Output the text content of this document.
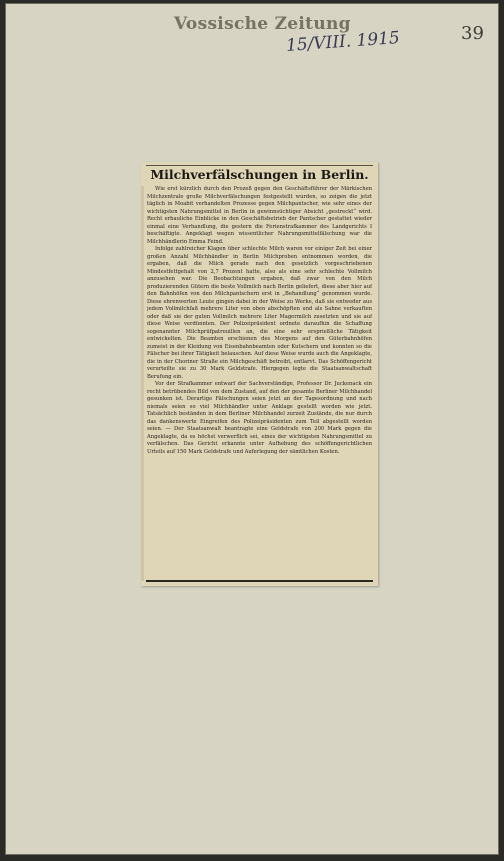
Vossische Zeitung
15/VIII. 1915	39
Milchverfälschungen in Berlin.

Wie erst kürzlich durch den Prozeß gegen den Geschäftsführer der Märkischen Milchzentrale große Milchverfälschungen festgestellt wurden, so zeigen die jetzt täglich in Moabit verhandelten Prozesse gegen Milchpantscher, wie sehr eines der wichtigsten Nahrungsmittel in Berlin in gewinnsüchtiger Absicht „gestreckt“ wird. Recht erbauliche Einblicke in den Geschäftsbetrieb der Pantscher gestattet wieder einmal eine Verhandlung, die gestern die Ferienstrafkammer des Landgerichts I beschäftigte. Angeklagt wegen wissentlicher Nahrungsmittelfälschung war die Milchhändlerin Emma Feind.

Infolge zahlreicher Klagen über schlechte Milch waren vor einiger Zeit bei einer großen Anzahl Milchhändler in Berlin Milchproben entnommen worden, die ergaben, daß die Milch gerade nach den gesetzlich vorgeschriebenen Mindestfettgehalt von 2,7 Prozent hatte, also als eine sehr schlechte Vollmilch anzusehen war. Die Beobachtungen ergaben, daß zwar von den Milch produzierenden Gütern die beste Vollmilch nach Berlin geliefert, diese aber hier auf den Bahnhöfen von den Milchpantschern erst in „Behandlung“ genommen wurde. Diese ehrenwerten Leute gingen dabei in der Weise zu Werke, daß sie entweder aus jedem Vollmilchfaß mehrere Liter von oben abschöpften und als Sahne verkauften oder daß sie der guten Vollmilch mehrere Liter Magermilch zusetzten und sie auf diese Weise verdünnten. Der Polizeipräsident ordnete daraufhin die Schaffung sogenannter Milchprüfpatrouillen an, die eine sehr ersprießliche Tätigkeit entwickelten. Die Beamten erschienen des Morgens auf den Güterbahnhöfen zumeist in der Kleidung von Eisenbahnbeamten oder Kutschern und konnten so die Fälscher bei ihrer Tätigkeit belauschen. Auf diese Weise wurde auch die Angeklagte, die in der Choriner Straße ein Milchgeschäft betreibt, entlarvt. Das Schöffengericht verurteilte sie zu 30 Mark Geldstrafe. Hiergegen legte die Staatsanwaltschaft Berufung ein.

Vor der Strafkammer entwarf der Sachverständige, Professor Dr. Juckenack ein recht betrübendes Bild von dem Zustand, auf den der gesamte Berliner Milchhandel gesunken ist. Derartige Fälschungen seien jetzt an der Tagesordnung und nach niemals seien so viel Milchhändler unter Anklage gestellt worden wie jetzt. Tatsächlich beständen in dem Berliner Milchhandel zurzeit Zustände, die nur durch das dankenswerte Eingreifen des Polizeipräsidenten zum Teil abgestellt worden seien. — Der Staatsanwalt beantragte eine Geldstrafe von 200 Mark gegen die Angeklagte, da es höchst verwerflich sei, eines der wichtigsten Nahrungsmittel zu verfälschen. Das Gericht erkannte unter Aufhebung des schöffengerichtlichen Urteils auf 150 Mark Geldstrafe und Auferlegung der sämtlichen Kosten.
